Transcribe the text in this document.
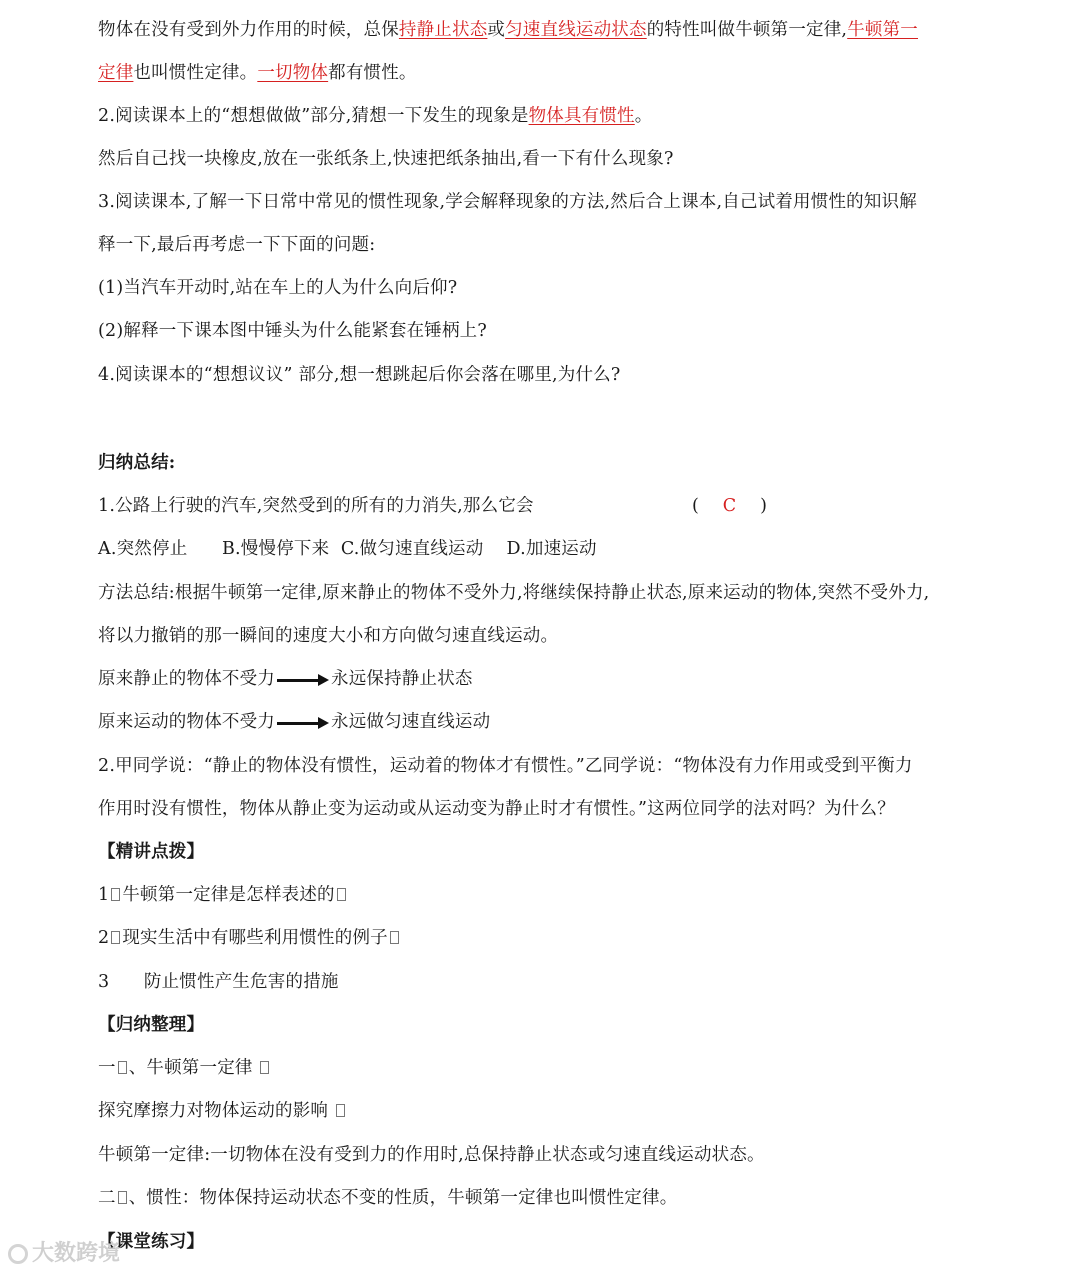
物体在没有受到外力作用的时候，总保持静止状态或匀速直线运动状态的特性叫做牛顿第一定律,牛顿第一
定律也叫惯性定律。一切物体都有惯性。
2.阅读课本上的“想想做做”部分,猜想一下发生的现象是物体具有惯性。
然后自己找一块橡皮,放在一张纸条上,快速把纸条抽出,看一下有什么现象?
3.阅读课本,了解一下日常中常见的惯性现象,学会解释现象的方法,然后合上课本,自己试着用惯性的知识解
释一下,最后再考虑一下下面的问题:
(1)当汽车开动时,站在车上的人为什么向后仰?
(2)解释一下课本图中锤头为什么能紧套在锤柄上?
4.阅读课本的“想想议议” 部分,想一想跳起后你会落在哪里,为什么?
归纳总结:
1.公路上行驶的汽车,突然受到的所有的力消失,那么它会	( C )
A.突然停止      B.慢慢停下来  C.做匀速直线运动    D.加速运动
方法总结:根据牛顿第一定律,原来静止的物体不受外力,将继续保持静止状态,原来运动的物体,突然不受外力,
将以力撤销的那一瞬间的速度大小和方向做匀速直线运动。
原来静止的物体不受力	永远保持静止状态
原来运动的物体不受力	永远做匀速直线运动
2.甲同学说：“静止的物体没有惯性，运动着的物体才有惯性。”乙同学说：“物体没有力作用或受到平衡力
作用时没有惯性，物体从静止变为运动或从运动变为静止时才有惯性。”这两位同学的法对吗？为什么？
【精讲点拨】
1 牛顿第一定律是怎样表述的
2 现实生活中有哪些利用惯性的例子
3      防止惯性产生危害的措施
【归纳整理】
一 、牛顿第一定律
探究摩擦力对物体运动的影响
牛顿第一定律:一切物体在没有受到力的作用时,总保持静止状态或匀速直线运动状态。
二 、惯性：物体保持运动状态不变的性质，牛顿第一定律也叫惯性定律。
【课堂练习】
大数跨境
